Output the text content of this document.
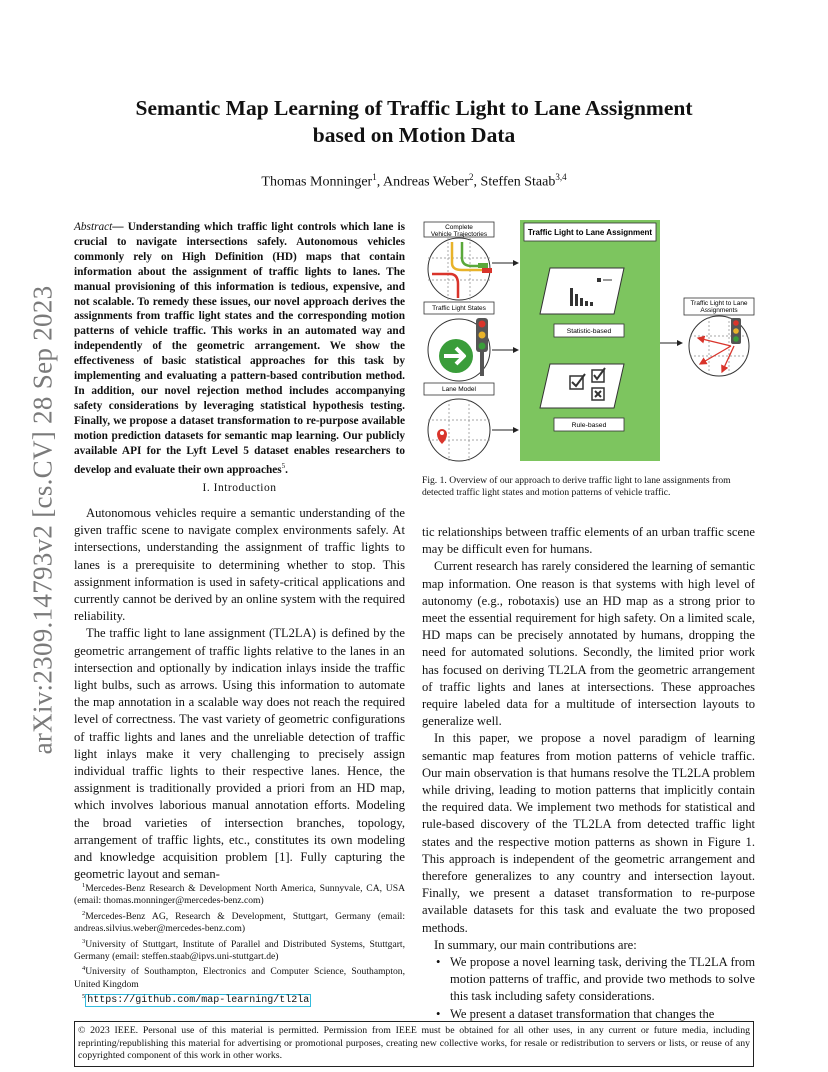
arXiv:2309.14793v2 [cs.CV] 28 Sep 2023
Semantic Map Learning of Traffic Light to Lane Assignment
based on Motion Data
Thomas Monninger$^1$, Andreas Weber$^2$, Steffen Staab$^{3,4}$
Abstract— Understanding which traffic light controls which lane is crucial to navigate intersections safely. Autonomous vehicles commonly rely on High Definition (HD) maps that contain information about the assignment of traffic lights to lanes. The manual provisioning of this information is tedious, expensive, and not scalable. To remedy these issues, our novel approach derives the assignments from traffic light states and the corresponding motion patterns of vehicle traffic. This works in an automated way and independently of the geometric arrangement. We show the effectiveness of basic statistical approaches for this task by implementing and evaluating a pattern-based contribution method. In addition, our novel rejection method includes accompanying safety considerations by leveraging statistical hypothesis testing. Finally, we propose a dataset transformation to re-purpose available motion prediction datasets for semantic map learning. Our publicly available API for the Lyft Level 5 dataset enables researchers to develop and evaluate their own approaches$^5$.
I. Introduction

Autonomous vehicles require a semantic understanding of the given traffic scene to navigate complex environments safely. At intersections, understanding the assignment of traffic lights to lanes is a prerequisite to determining whether to stop. This assignment information is used in safety-critical applications and currently cannot be derived by an online system with the required reliability.

The traffic light to lane assignment (TL2LA) is defined by the geometric arrangement of traffic lights relative to the lanes in an intersection and optionally by indication inlays inside the traffic light bulbs, such as arrows. Using this information to automate the map annotation in a scalable way does not reach the required level of correctness. The vast variety of geometric configurations of traffic lights and lanes and the unreliable detection of traffic light inlays make it very challenging to precisely assign individual traffic lights to their respective lanes. Hence, the assignment is traditionally provided a priori from an HD map, which involves laborious manual annotation efforts. Modeling the broad varieties of intersection branches, topology, arrangement of traffic lights, etc., constitutes its own modeling and knowledge acquisition problem [1]. Fully capturing the geometric layout and seman-

$^1$Mercedes-Benz Research & Development North America, Sunnyvale, CA, USA (email: thomas.monninger@mercedes-benz.com)

$^2$Mercedes-Benz AG, Research & Development, Stuttgart, Germany (email: andreas.silvius.weber@mercedes-benz.com)

$^3$University of Stuttgart, Institute of Parallel and Distributed Systems, Stuttgart, Germany (email: steffen.staab@ipvs.uni-stuttgart.de)

$^4$University of Southampton, Electronics and Computer Science, Southampton, United Kingdom

$^5$ https://github.com/map-learning/tl2la

Complete Vehicle Trajectories
Traffic Light States
Lane Model
Traffic Light to Lane Assignment
Statistic-based
Rule-based
Traffic Light to Lane Assignments
Fig. 1. Overview of our approach to derive traffic light to lane assignments from detected traffic light states and motion patterns of vehicle traffic.

tic relationships between traffic elements of an urban traffic scene may be difficult even for humans.

Current research has rarely considered the learning of semantic map information. One reason is that systems with high level of autonomy (e.g., robotaxis) use an HD map as a strong prior to meet the essential requirement for high safety. On a limited scale, HD maps can be precisely annotated by humans, dropping the need for automated solutions. Secondly, the limited prior work has focused on deriving TL2LA from the geometric arrangement of traffic lights and lanes at intersections. These approaches require labeled data for a multitude of intersection layouts to generalize well.

In this paper, we propose a novel paradigm of learning semantic map features from motion patterns of vehicle traffic. Our main observation is that humans resolve the TL2LA problem while driving, leading to motion patterns that implicitly contain the required data. We implement two methods for statistical and rule-based discovery of the TL2LA from detected traffic light states and the respective motion patterns as shown in Figure 1. This approach is independent of the geometric arrangement and therefore generalizes to any country and intersection layout. Finally, we present a dataset transformation to re-purpose available datasets for this task and evaluate the two proposed methods.

In summary, our main contributions are:

• We propose a novel learning task, deriving the TL2LA from motion patterns of traffic, and provide two methods to solve this task including safety considerations.
• We present a dataset transformation that changes the
© 2023 IEEE. Personal use of this material is permitted. Permission from IEEE must be obtained for all other uses, in any current or future media, including reprinting/republishing this material for advertising or promotional purposes, creating new collective works, for resale or redistribution to servers or lists, or reuse of any copyrighted component of this work in other works.
